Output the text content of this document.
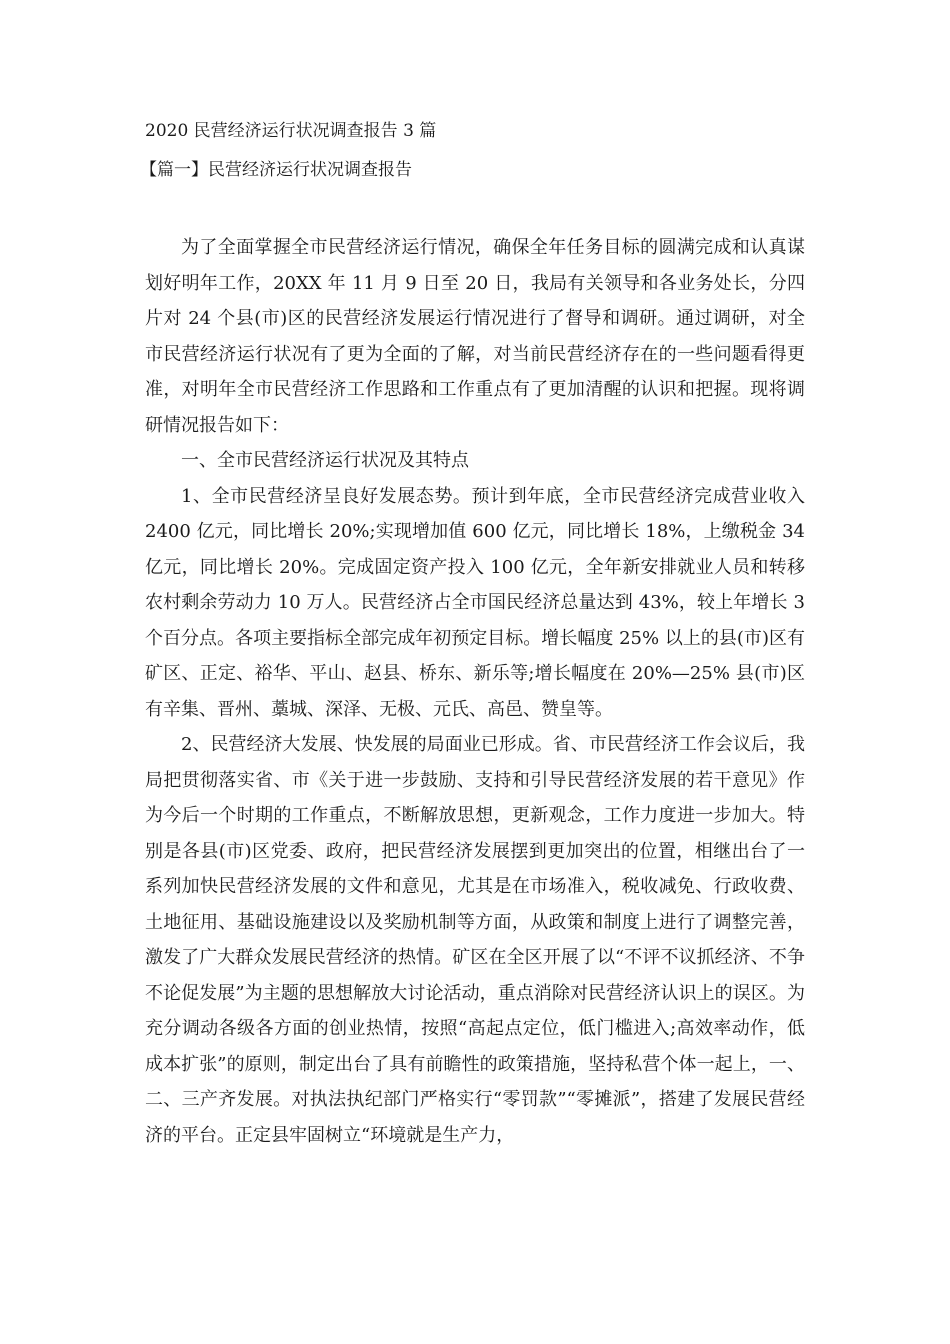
2020 民营经济运行状况调查报告 3 篇
【篇一】民营经济运行状况调查报告

为了全面掌握全市民营经济运行情况，确保全年任务目标的圆满完成和认真谋划好明年工作，20XX 年 11 月 9 日至 20 日，我局有关领导和各业务处长，分四片对 24 个县(市)区的民营经济发展运行情况进行了督导和调研。通过调研，对全市民营经济运行状况有了更为全面的了解，对当前民营经济存在的一些问题看得更准，对明年全市民营经济工作思路和工作重点有了更加清醒的认识和把握。现将调研情况报告如下：

一、全市民营经济运行状况及其特点

1、全市民营经济呈良好发展态势。预计到年底，全市民营经济完成营业收入 2400 亿元，同比增长 20%;实现增加值 600 亿元，同比增长 18%，上缴税金 34 亿元，同比增长 20%。完成固定资产投入 100 亿元，全年新安排就业人员和转移农村剩余劳动力 10 万人。民营经济占全市国民经济总量达到 43%，较上年增长 3 个百分点。各项主要指标全部完成年初预定目标。增长幅度 25% 以上的县(市)区有矿区、正定、裕华、平山、赵县、桥东、新乐等;增长幅度在 20%—25% 县(市)区有辛集、晋州、藁城、深泽、无极、元氏、高邑、赞皇等。

2、民营经济大发展、快发展的局面业已形成。省、市民营经济工作会议后，我局把贯彻落实省、市《关于进一步鼓励、支持和引导民营经济发展的若干意见》作为今后一个时期的工作重点，不断解放思想，更新观念，工作力度进一步加大。特别是各县(市)区党委、政府，把民营经济发展摆到更加突出的位置，相继出台了一系列加快民营经济发展的文件和意见，尤其是在市场准入，税收减免、行政收费、土地征用、基础设施建设以及奖励机制等方面，从政策和制度上进行了调整完善，激发了广大群众发展民营经济的热情。矿区在全区开展了以“不评不议抓经济、不争不论促发展”为主题的思想解放大讨论活动，重点消除对民营经济认识上的误区。为充分调动各级各方面的创业热情，按照“高起点定位，低门槛进入;高效率动作，低成本扩张”的原则，制定出台了具有前瞻性的政策措施，坚持私营个体一起上，一、二、三产齐发展。对执法执纪部门严格实行“零罚款”“零摊派”，搭建了发展民营经济的平台。正定县牢固树立“环境就是生产力，
